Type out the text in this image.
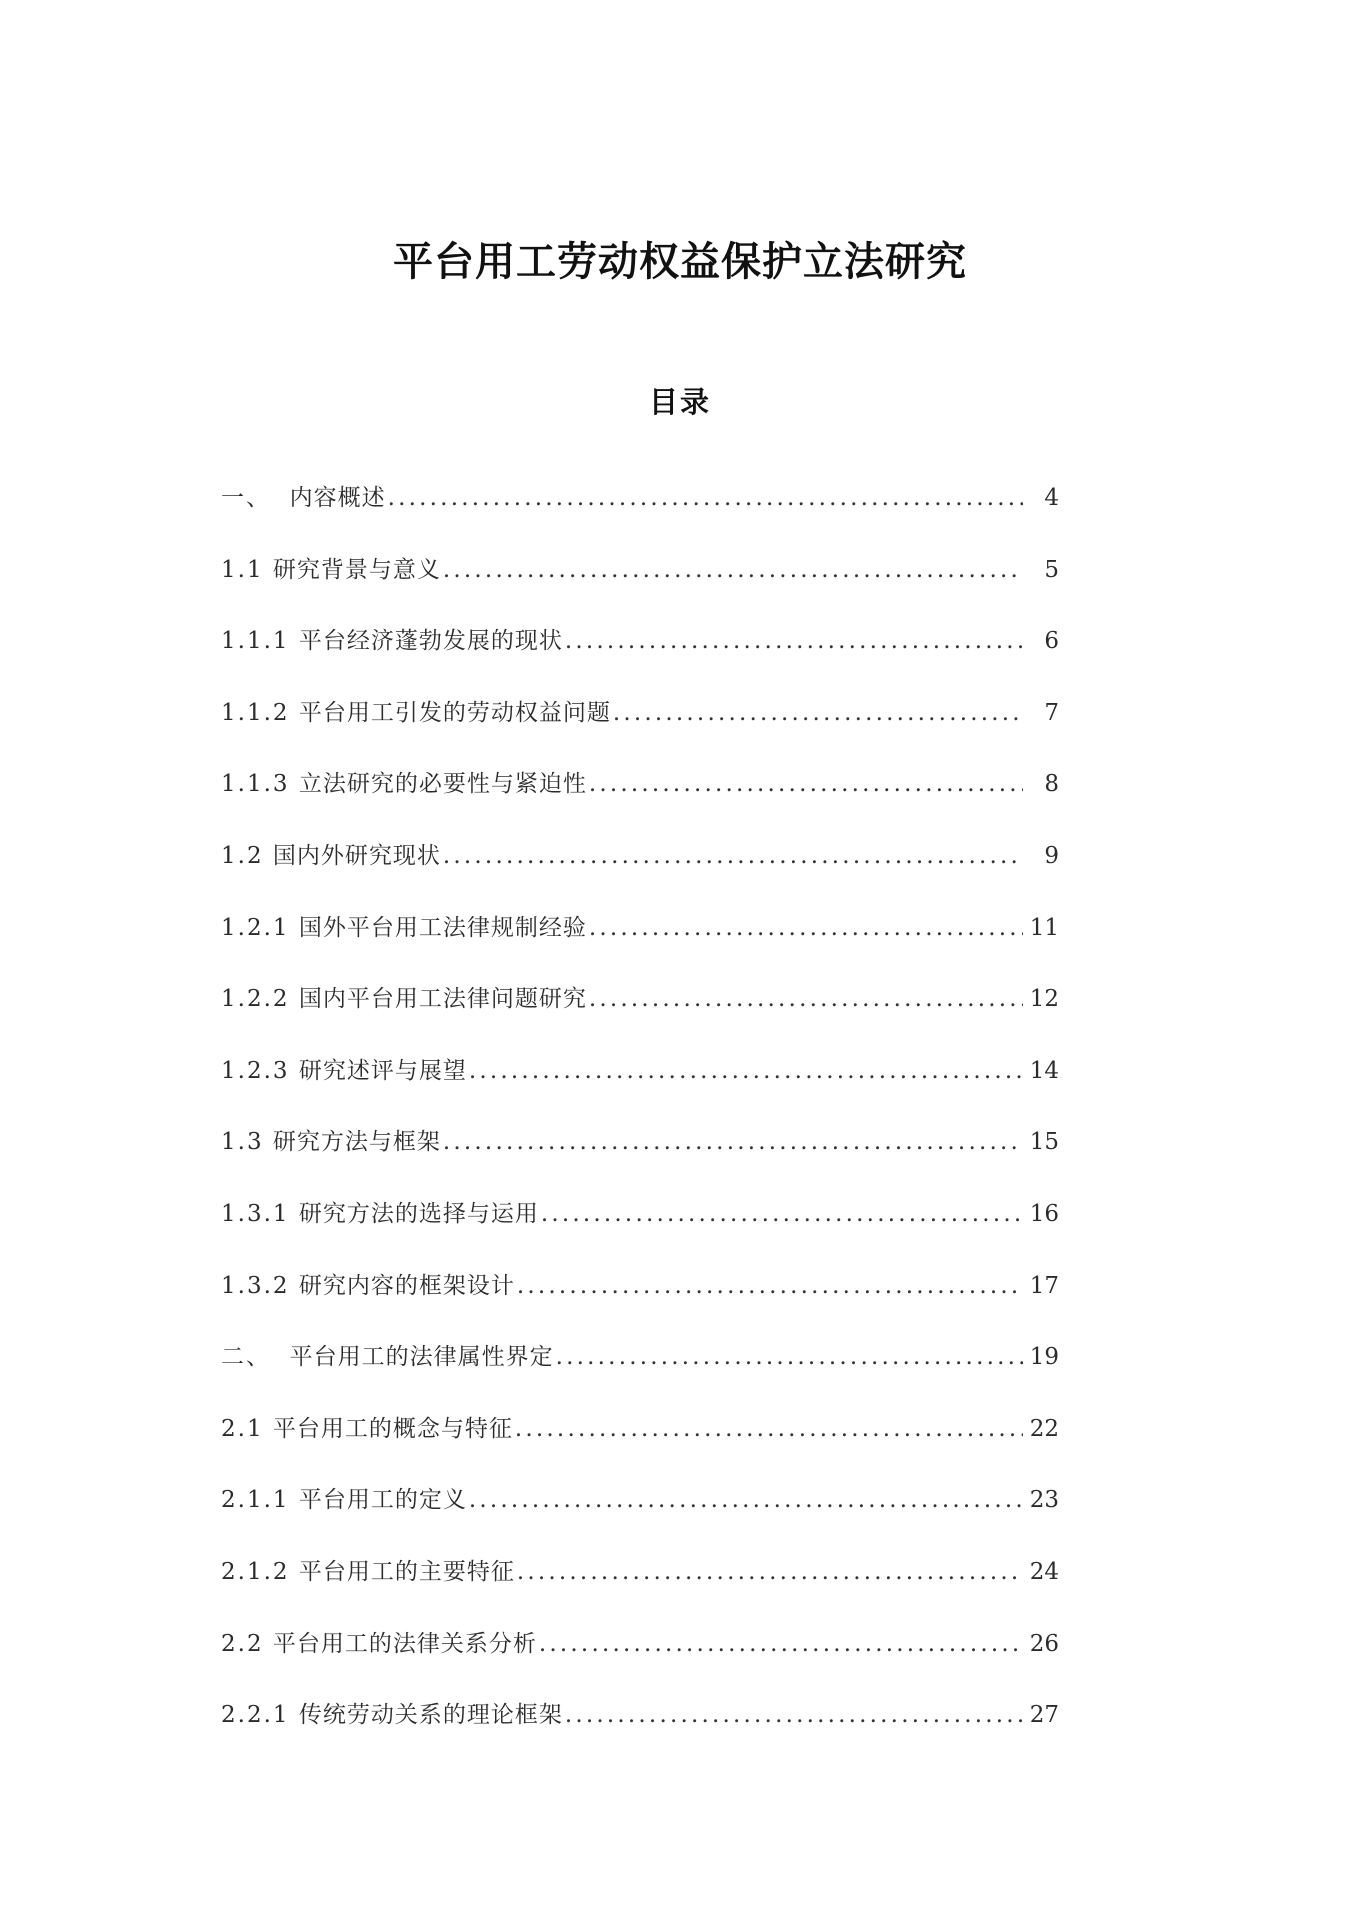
平台用工劳动权益保护立法研究
目录
一、 内容概述 .....	4
1.1 研究背景与意义 .....	5
1.1.1 平台经济蓬勃发展的现状 .....	6
1.1.2 平台用工引发的劳动权益问题 .....	7
1.1.3 立法研究的必要性与紧迫性 .....	8
1.2 国内外研究现状 .....	9
1.2.1 国外平台用工法律规制经验 .....	11
1.2.2 国内平台用工法律问题研究 .....	12
1.2.3 研究述评与展望 .....	14
1.3 研究方法与框架 .....	15
1.3.1 研究方法的选择与运用 .....	16
1.3.2 研究内容的框架设计 .....	17
二、 平台用工的法律属性界定 .....	19
2.1 平台用工的概念与特征 .....	22
2.1.1 平台用工的定义 .....	23
2.1.2 平台用工的主要特征 .....	24
2.2 平台用工的法律关系分析 .....	26
2.2.1 传统劳动关系的理论框架 .....	27
